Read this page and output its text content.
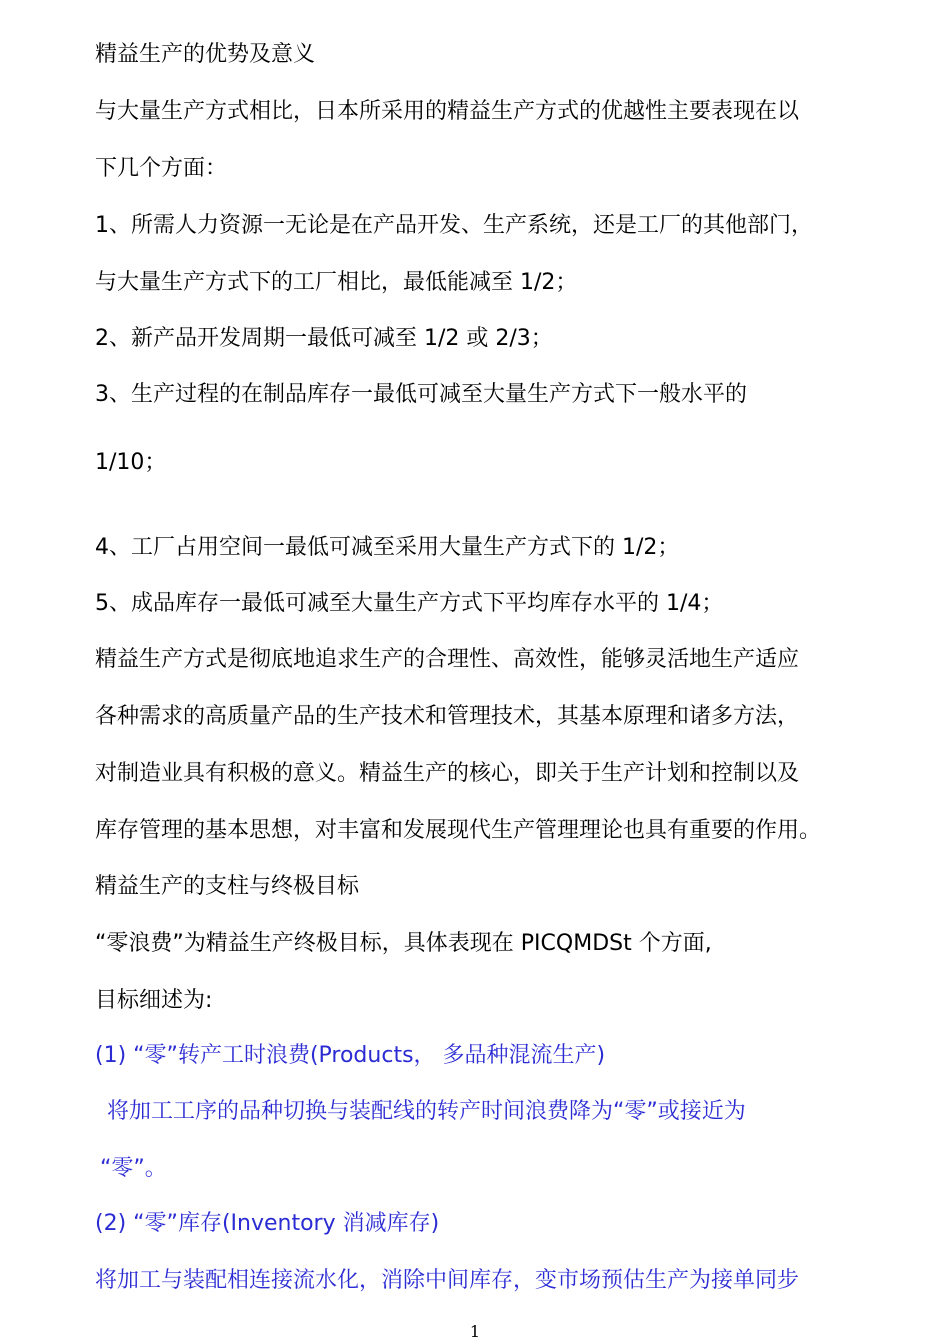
精益生产的优势及意义
与大量生产方式相比，日本所采用的精益生产方式的优越性主要表现在以
下几个方面：
1、所需人力资源一无论是在产品开发、生产系统，还是工厂的其他部门，
与大量生产方式下的工厂相比，最低能减至 1/2；
2、新产品开发周期一最低可减至 1/2 或 2/3；
3、生产过程的在制品库存一最低可减至大量生产方式下一般水平的
1/10；
4、工厂占用空间一最低可减至采用大量生产方式下的 1/2；
5、成品库存一最低可减至大量生产方式下平均库存水平的 1/4；
精益生产方式是彻底地追求生产的合理性、高效性，能够灵活地生产适应
各种需求的高质量产品的生产技术和管理技术，其基本原理和诸多方法，
对制造业具有积极的意义。精益生产的核心，即关于生产计划和控制以及
库存管理的基本思想，对丰富和发展现代生产管理理论也具有重要的作用。
精益生产的支柱与终极目标
“零浪费”为精益生产终极目标，具体表现在 PICQMDSt 个方面,
目标细述为:
(1) “零”转产工时浪费(Products， 多品种混流生产)
将加工工序的品种切换与装配线的转产时间浪费降为“零”或接近为
“零”。
(2) “零”库存(Inventory 消减库存)
将加工与装配相连接流水化，消除中间库存，变市场预估生产为接单同步
1
